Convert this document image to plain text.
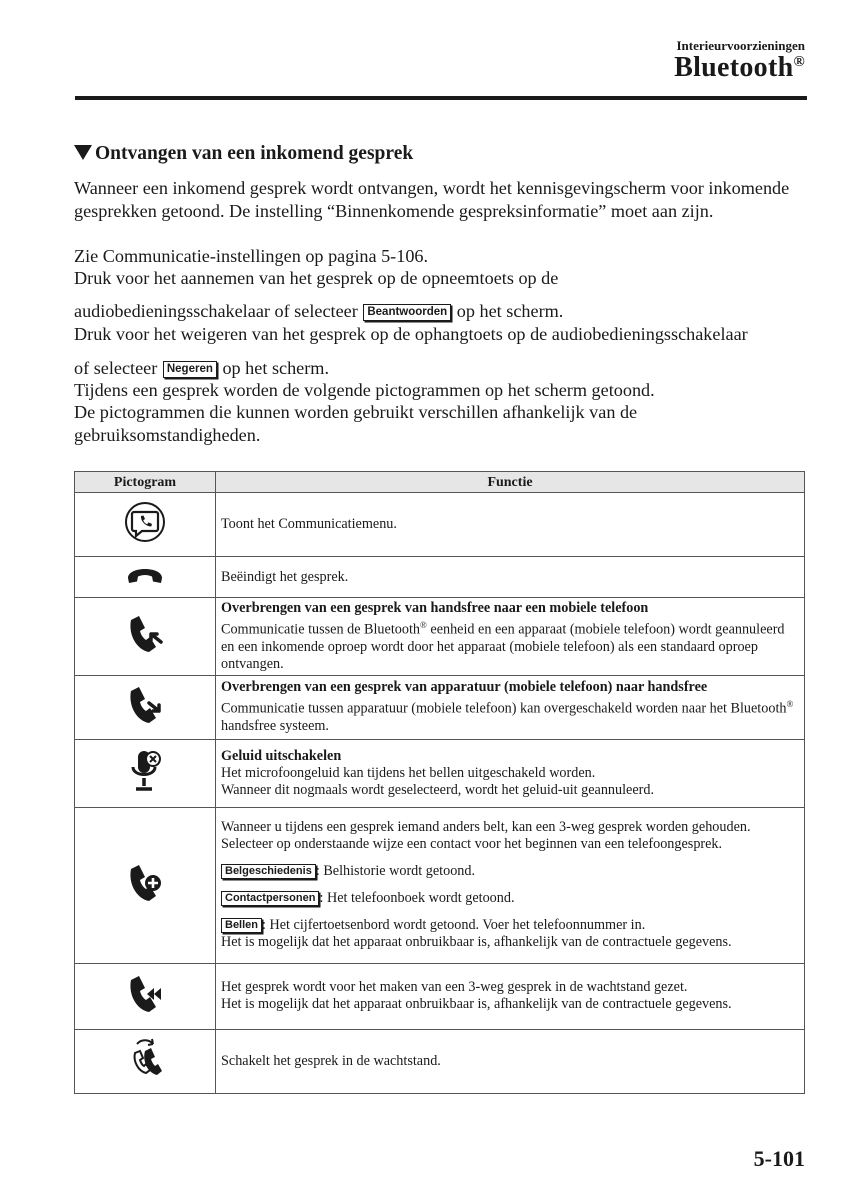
Interieurvoorzieningen
Bluetooth®
Ontvangen van een inkomend gesprek
Wanneer een inkomend gesprek wordt ontvangen, wordt het kennisgevingscherm voor inkomende gesprekken getoond. De instelling “Binnenkomende gespreksinformatie” moet aan zijn.
Zie Communicatie-instellingen op pagina 5-106.
Druk voor het aannemen van het gesprek op de opneemtoets op de
audiobedieningsschakelaar of selecteer Beantwoorden op het scherm.
Druk voor het weigeren van het gesprek op de ophangtoets op de audiobedieningsschakelaar
of selecteer Negeren op het scherm.
Tijdens een gesprek worden de volgende pictogrammen op het scherm getoond.
De pictogrammen die kunnen worden gebruikt verschillen afhankelijk van de gebruiksomstandigheden.
Pictogram	Functie
	Toont het Communicatiemenu.
	Beëindigt het gesprek.
	Overbrengen van een gesprek van handsfree naar een mobiele telefoon
Communicatie tussen de Bluetooth® eenheid en een apparaat (mobiele telefoon) wordt geannuleerd en een inkomende oproep wordt door het apparaat (mobiele telefoon) als een standaard oproep ontvangen.
	Overbrengen van een gesprek van apparatuur (mobiele telefoon) naar handsfree
Communicatie tussen apparatuur (mobiele telefoon) kan overgeschakeld worden naar het Bluetooth® handsfree systeem.
	Geluid uitschakelen
Het microfoongeluid kan tijdens het bellen uitgeschakeld worden.
Wanneer dit nogmaals wordt geselecteerd, wordt het geluid-uit geannuleerd.
	Wanneer u tijdens een gesprek iemand anders belt, kan een 3-weg gesprek worden gehouden. Selecteer op onderstaande wijze een contact voor het beginnen van een telefoongesprek.
Belgeschiedenis : Belhistorie wordt getoond.
Contactpersonen : Het telefoonboek wordt getoond.
Bellen : Het cijfertoetsenbord wordt getoond. Voer het telefoonnummer in.
Het is mogelijk dat het apparaat onbruikbaar is, afhankelijk van de contractuele gegevens.
	Het gesprek wordt voor het maken van een 3-weg gesprek in de wachtstand gezet.
Het is mogelijk dat het apparaat onbruikbaar is, afhankelijk van de contractuele gegevens.
	Schakelt het gesprek in de wachtstand.
5-101
